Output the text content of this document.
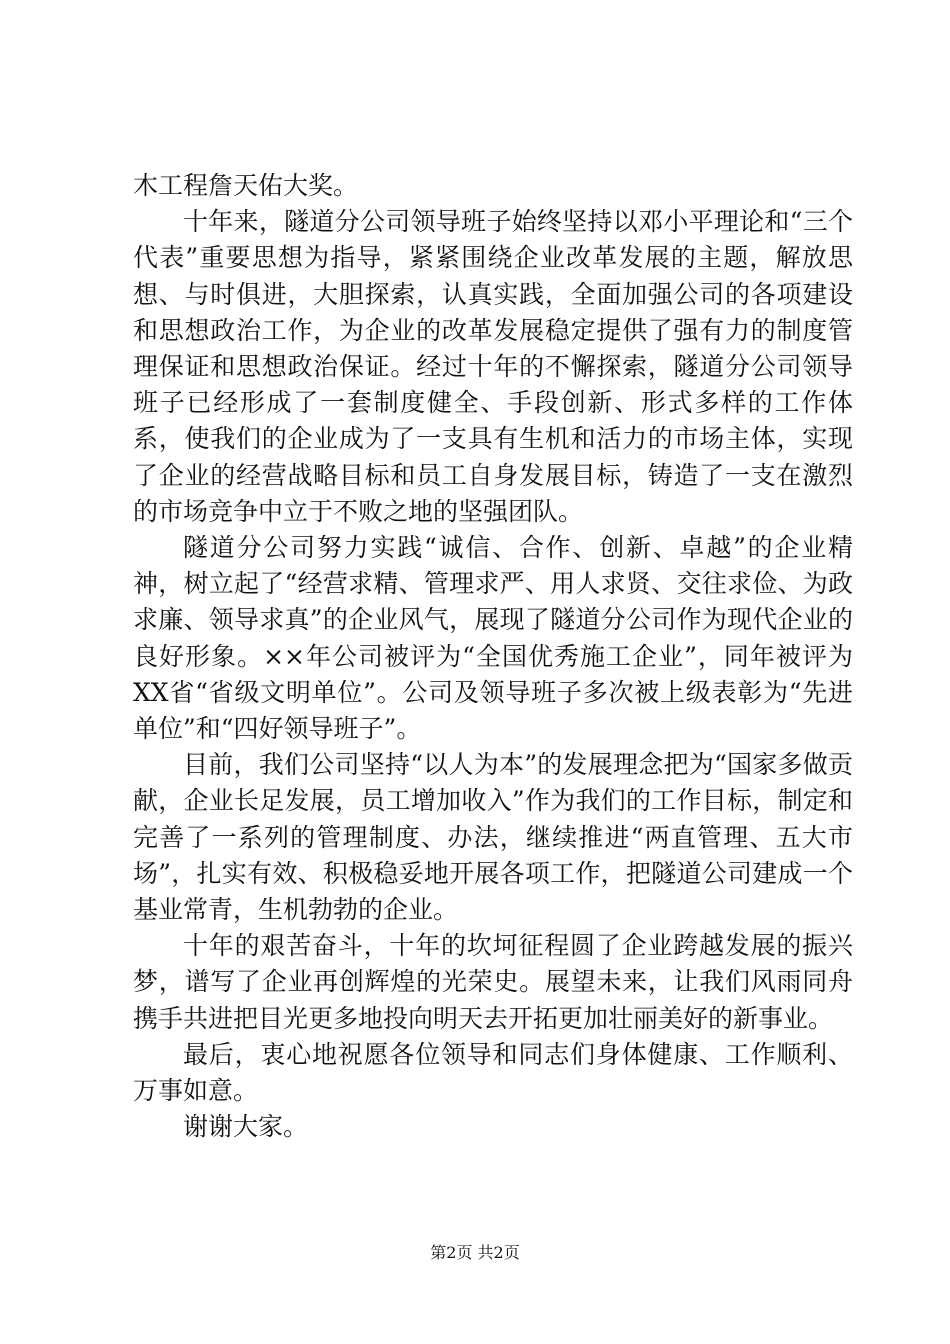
木工程詹天佑大奖。

十年来，隧道分公司领导班子始终坚持以邓小平理论和“三个代表”重要思想为指导，紧紧围绕企业改革发展的主题，解放思想、与时俱进，大胆探索，认真实践，全面加强公司的各项建设和思想政治工作，为企业的改革发展稳定提供了强有力的制度管理保证和思想政治保证。经过十年的不懈探索，隧道分公司领导班子已经形成了一套制度健全、手段创新、形式多样的工作体系，使我们的企业成为了一支具有生机和活力的市场主体，实现了企业的经营战略目标和员工自身发展目标，铸造了一支在激烈的市场竞争中立于不败之地的坚强团队。

隧道分公司努力实践“诚信、合作、创新、卓越”的企业精神，树立起了“经营求精、管理求严、用人求贤、交往求俭、为政求廉、领导求真”的企业风气，展现了隧道分公司作为现代企业的良好形象。××年公司被评为“全国优秀施工企业”，同年被评为XX省“省级文明单位”。公司及领导班子多次被上级表彰为“先进单位”和“四好领导班子”。

目前，我们公司坚持“以人为本”的发展理念把为“国家多做贡献，企业长足发展，员工增加收入”作为我们的工作目标，制定和完善了一系列的管理制度、办法，继续推进“两直管理、五大市场”，扎实有效、积极稳妥地开展各项工作，把隧道公司建成一个基业常青，生机勃勃的企业。

十年的艰苦奋斗，十年的坎坷征程圆了企业跨越发展的振兴梦，谱写了企业再创辉煌的光荣史。展望未来，让我们风雨同舟携手共进把目光更多地投向明天去开拓更加壮丽美好的新事业。

最后，衷心地祝愿各位领导和同志们身体健康、工作顺利、万事如意。

谢谢大家。

第2页 共2页
